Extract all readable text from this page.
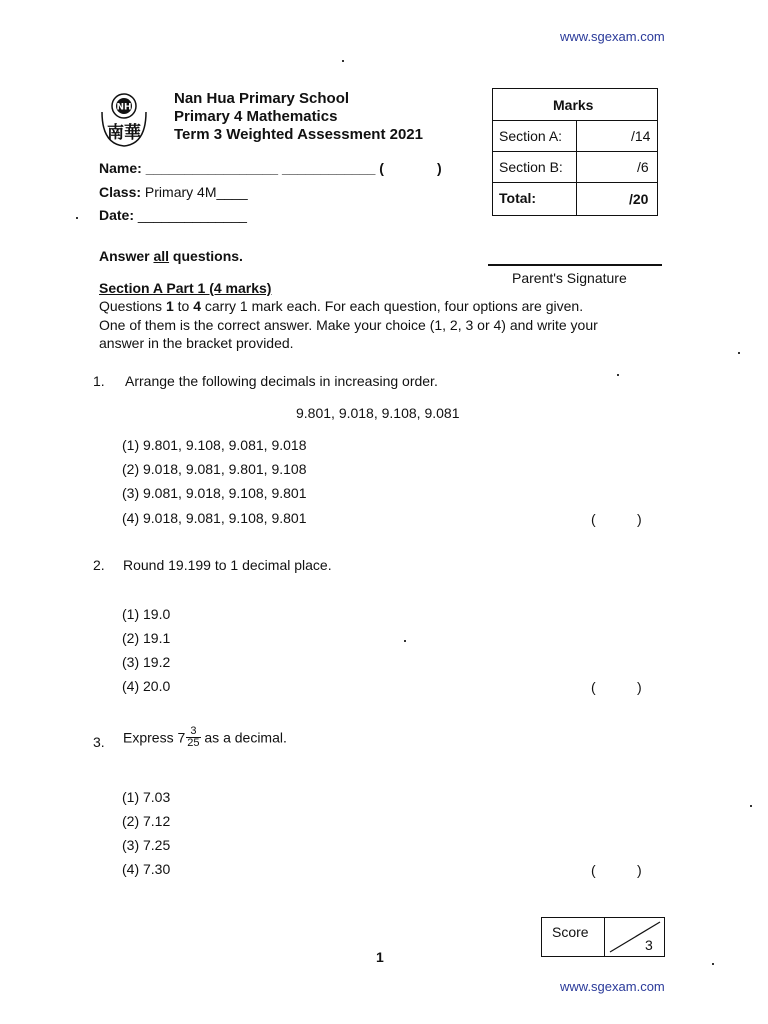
www.sgexam.com
NH
南華
Nan Hua Primary School
Primary 4 Mathematics
Term 3 Weighted Assessment 2021
Name: _________________ ____________ (	)
Class: Primary 4M____
Date: ______________
Marks
Section A:	/14
Section B:	/6
Total:	/20
Answer all questions.
Parent's Signature
Section A Part 1 (4 marks)
Questions 1 to 4 carry 1 mark each. For each question, four options are given.
One of them is the correct answer. Make your choice (1, 2, 3 or 4) and write your
answer in the bracket provided.
1. Arrange the following decimals in increasing order.
9.801, 9.018, 9.108, 9.081
(1) 9.801, 9.108, 9.081, 9.018
(2) 9.018, 9.081, 9.801, 9.108
(3) 9.081, 9.018, 9.108, 9.801
(4) 9.018, 9.081, 9.108, 9.801	(	)
2. Round 19.199 to 1 decimal place.
(1) 19.0
(2) 19.1
(3) 19.2
(4) 20.0	(	)
3. Express $7 \frac{3}{25}$ as a decimal.
(1) 7.03
(2) 7.12
(3) 7.25
(4) 7.30	(	)
Score
3
1
www.sgexam.com
